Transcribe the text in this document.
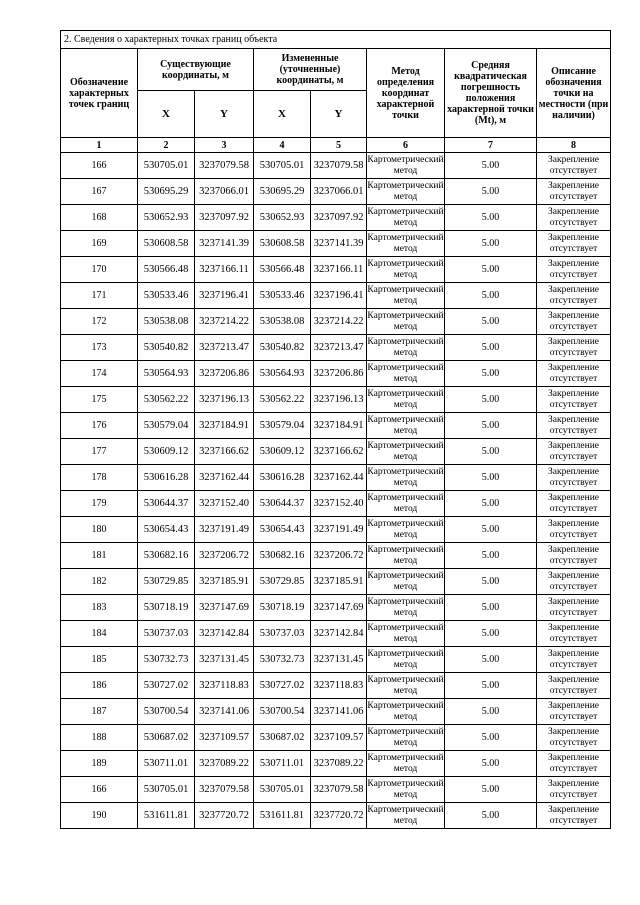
2. Сведения о характерных точках границ объекта							
Обозначение характерных точек границ	Существующие координаты, м		Измененные (уточненные) координаты, м		Метод определения координат характерной точки	Средняя квадратическая погрешность положения характерной точки (Mt), м	Описание обозначения точки на местности (при наличии)
	X	Y	X	Y			
1	2	3	4	5	6	7	8
166	530705.01	3237079.58	530705.01	3237079.58	Картометрический метод	5.00	Закрепление отсутствует
167	530695.29	3237066.01	530695.29	3237066.01	Картометрический метод	5.00	Закрепление отсутствует
168	530652.93	3237097.92	530652.93	3237097.92	Картометрический метод	5.00	Закрепление отсутствует
169	530608.58	3237141.39	530608.58	3237141.39	Картометрический метод	5.00	Закрепление отсутствует
170	530566.48	3237166.11	530566.48	3237166.11	Картометрический метод	5.00	Закрепление отсутствует
171	530533.46	3237196.41	530533.46	3237196.41	Картометрический метод	5.00	Закрепление отсутствует
172	530538.08	3237214.22	530538.08	3237214.22	Картометрический метод	5.00	Закрепление отсутствует
173	530540.82	3237213.47	530540.82	3237213.47	Картометрический метод	5.00	Закрепление отсутствует
174	530564.93	3237206.86	530564.93	3237206.86	Картометрический метод	5.00	Закрепление отсутствует
175	530562.22	3237196.13	530562.22	3237196.13	Картометрический метод	5.00	Закрепление отсутствует
176	530579.04	3237184.91	530579.04	3237184.91	Картометрический метод	5.00	Закрепление отсутствует
177	530609.12	3237166.62	530609.12	3237166.62	Картометрический метод	5.00	Закрепление отсутствует
178	530616.28	3237162.44	530616.28	3237162.44	Картометрический метод	5.00	Закрепление отсутствует
179	530644.37	3237152.40	530644.37	3237152.40	Картометрический метод	5.00	Закрепление отсутствует
180	530654.43	3237191.49	530654.43	3237191.49	Картометрический метод	5.00	Закрепление отсутствует
181	530682.16	3237206.72	530682.16	3237206.72	Картометрический метод	5.00	Закрепление отсутствует
182	530729.85	3237185.91	530729.85	3237185.91	Картометрический метод	5.00	Закрепление отсутствует
183	530718.19	3237147.69	530718.19	3237147.69	Картометрический метод	5.00	Закрепление отсутствует
184	530737.03	3237142.84	530737.03	3237142.84	Картометрический метод	5.00	Закрепление отсутствует
185	530732.73	3237131.45	530732.73	3237131.45	Картометрический метод	5.00	Закрепление отсутствует
186	530727.02	3237118.83	530727.02	3237118.83	Картометрический метод	5.00	Закрепление отсутствует
187	530700.54	3237141.06	530700.54	3237141.06	Картометрический метод	5.00	Закрепление отсутствует
188	530687.02	3237109.57	530687.02	3237109.57	Картометрический метод	5.00	Закрепление отсутствует
189	530711.01	3237089.22	530711.01	3237089.22	Картометрический метод	5.00	Закрепление отсутствует
166	530705.01	3237079.58	530705.01	3237079.58	Картометрический метод	5.00	Закрепление отсутствует
190	531611.81	3237720.72	531611.81	3237720.72	Картометрический метод	5.00	Закрепление отсутствует
